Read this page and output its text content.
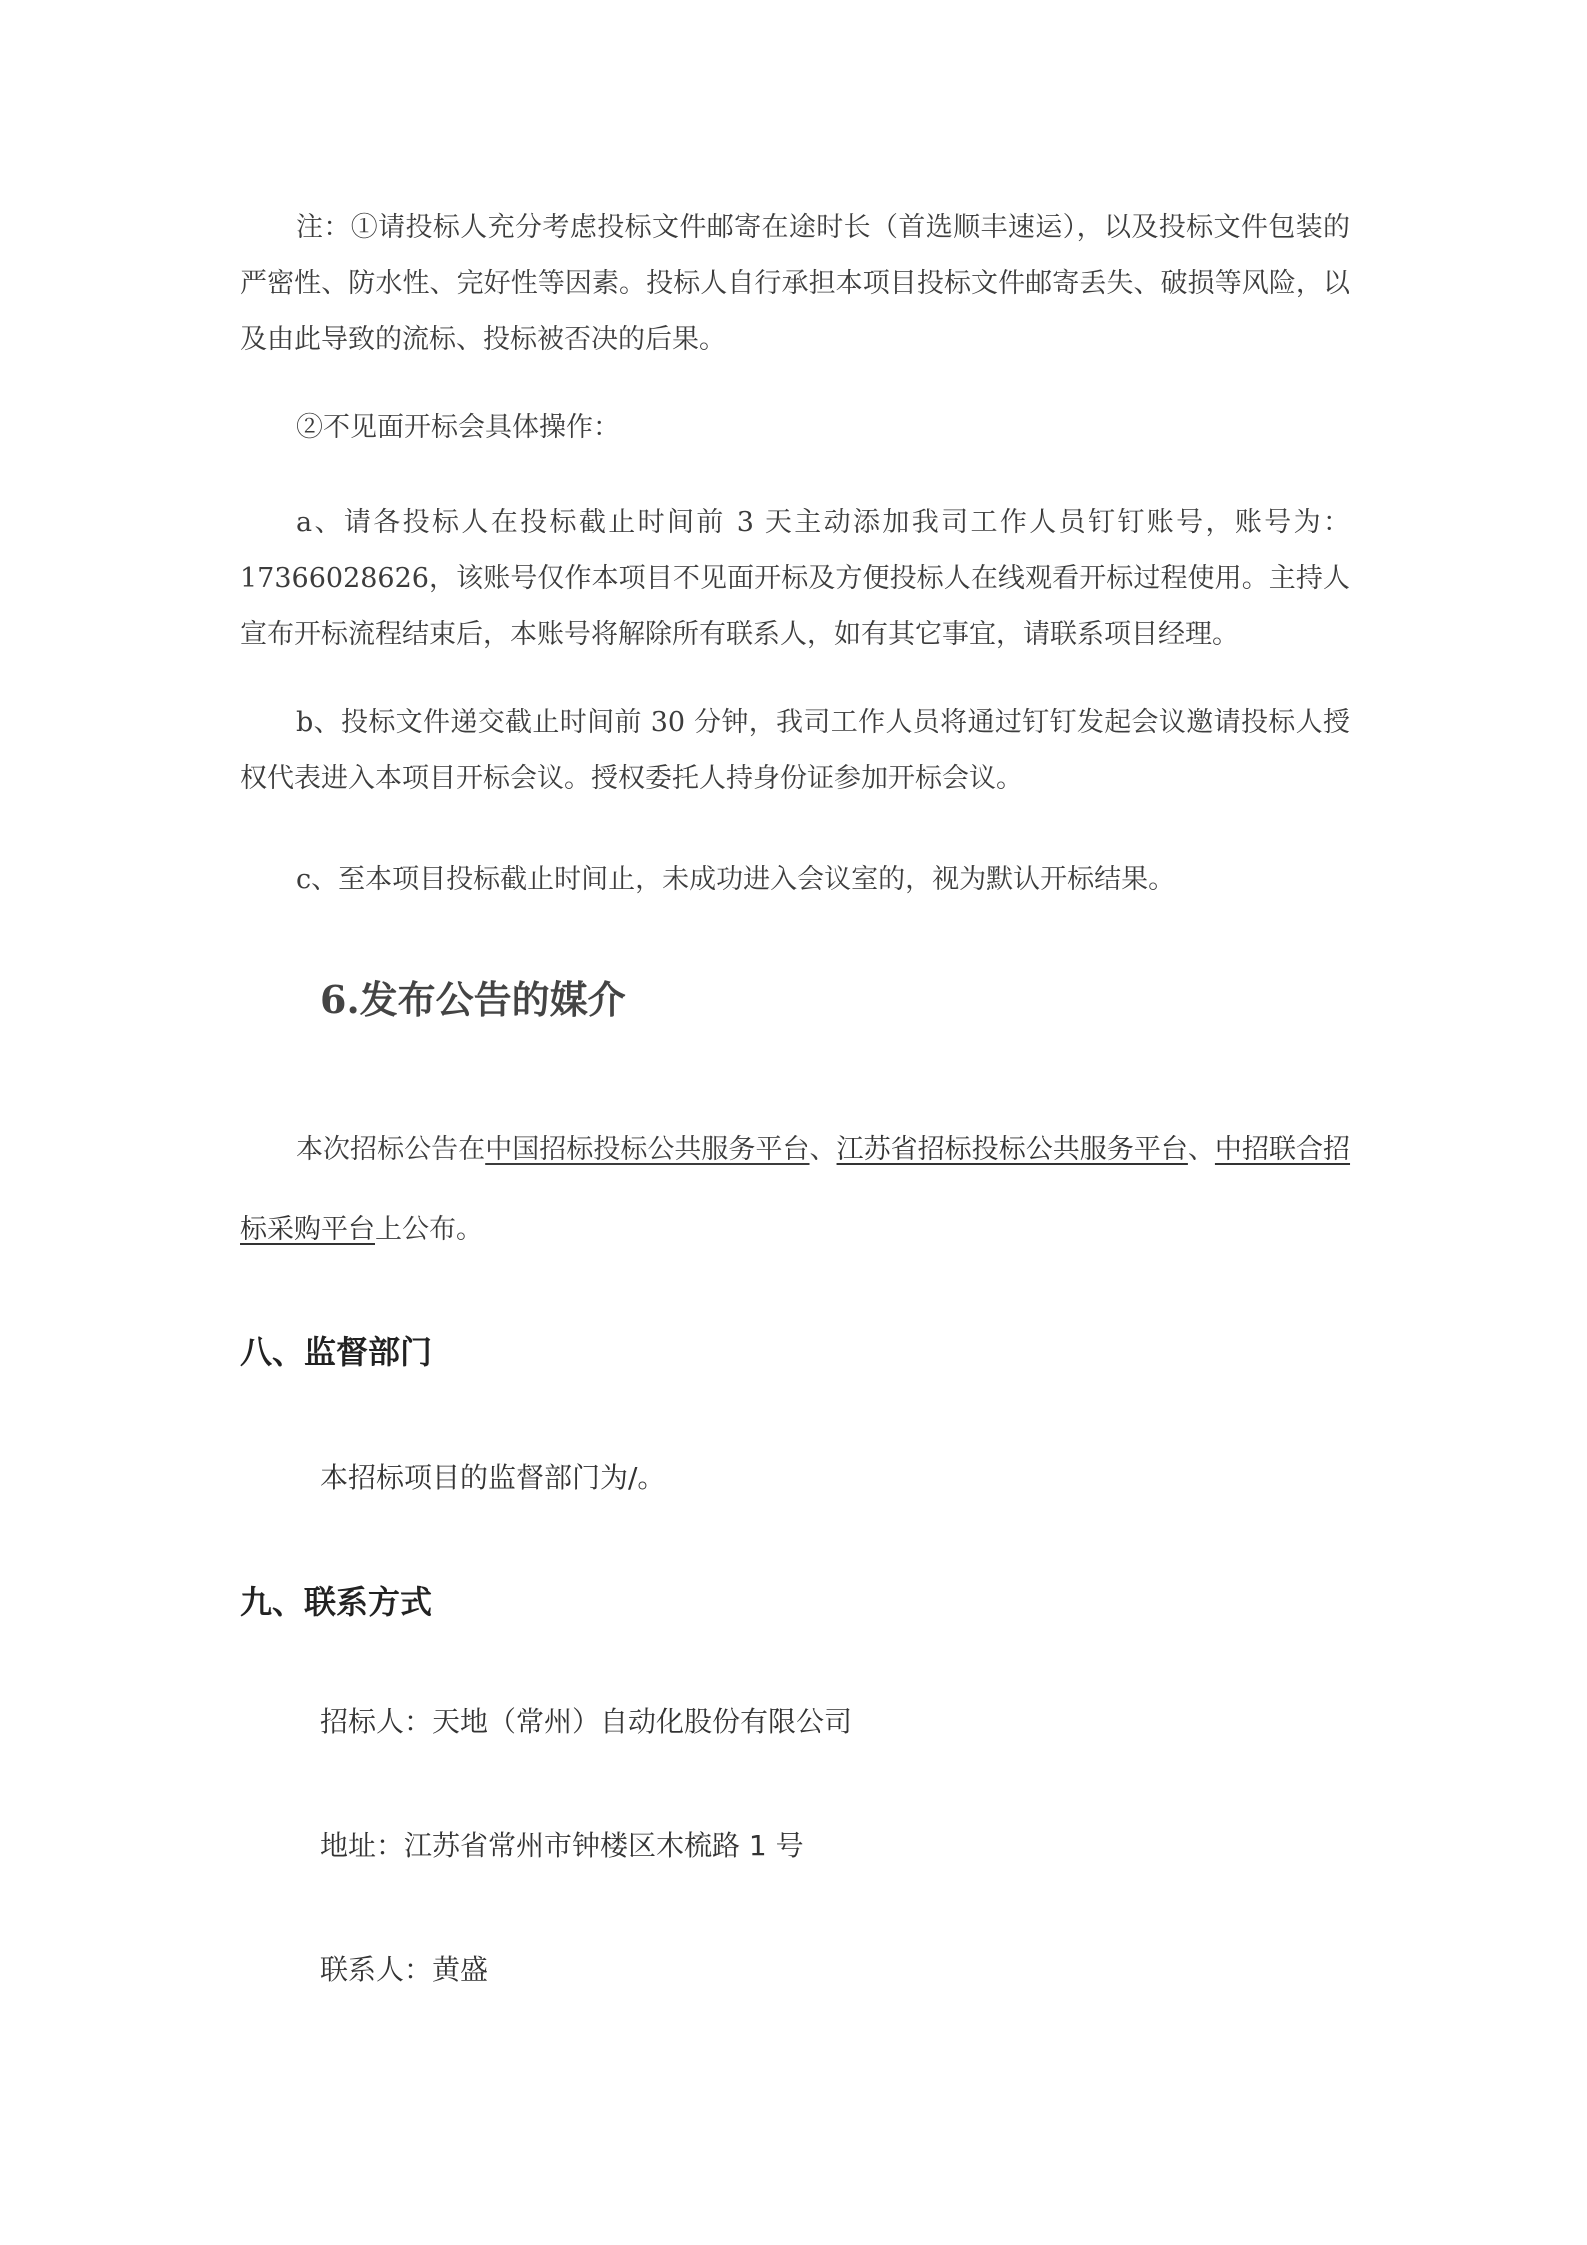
注：①请投标人充分考虑投标文件邮寄在途时长（首选顺丰速运），以及投标文件包装的严密性、防水性、完好性等因素。投标人自行承担本项目投标文件邮寄丢失、破损等风险，以及由此导致的流标、投标被否决的后果。

②不见面开标会具体操作：

a、请各投标人在投标截止时间前 3 天主动添加我司工作人员钉钉账号，账号为：17366028626，该账号仅作本项目不见面开标及方便投标人在线观看开标过程使用。主持人宣布开标流程结束后，本账号将解除所有联系人，如有其它事宜，请联系项目经理。

b、投标文件递交截止时间前 30 分钟，我司工作人员将通过钉钉发起会议邀请投标人授权代表进入本项目开标会议。授权委托人持身份证参加开标会议。

c、至本项目投标截止时间止，未成功进入会议室的，视为默认开标结果。

6.发布公告的媒介

本次招标公告在中国招标投标公共服务平台、江苏省招标投标公共服务平台、中招联合招标采购平台上公布。

八、监督部门

本招标项目的监督部门为/。

九、联系方式

招标人：天地（常州）自动化股份有限公司

地址：江苏省常州市钟楼区木梳路 1 号

联系人：黄盛
